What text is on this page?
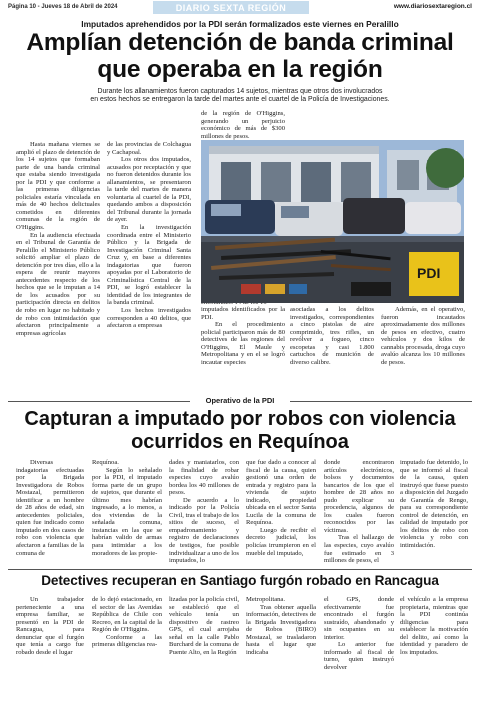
Página 10 - Jueves 18 de Abril de 2024	DIARIO SEXTA REGIÓN	www.diariosextaregion.cl
Imputados aprehendidos por la PDI serán formalizados este viernes en Peralillo
Amplían detención de banda criminal
que operaba en la región
Durante los allanamientos fueron capturados 14 sujetos, mientras que otros dos involucrados
en estos hechos se entregaron la tarde del martes ante el cuartel de la Policía de Investigaciones.

Hasta mañana viernes se amplió el plazo de detención de los 14 sujetos que formaban parte de una banda criminal que estaba siendo investigada por la PDI y que conforme a las primeras diligencias policiales estaría vinculada en más de 40 hechos delictuales cometidos en diferentes comunas de la región de O'Higgins.

En la audiencia efectuada en el Tribunal de Garantía de Peralillo el Ministerio Público solicitó ampliar el plazo de detención por tres días, ello a la espera de reunir mayores antecedentes respecto de los hechos que se le imputan a 14 de los acusados por su participación directa en delitos de robo en lugar no habitado y de robo con intimidación que afectaron principalmente a empresas agrícolas

de las provincias de Colchagua y Cachapoal.

Los otros dos imputados, acusados por receptación y que no fueron detenidos durante los allanamientos, se presentaron la tarde del martes de manera voluntaria al cuartel de la PDI, quedando ambos a disposición del Tribunal durante la jornada de ayer.

En la investigación coordinada entre el Ministerio Público y la Brigada de Investigación Criminal Santa Cruz y, en base a diferentes indagatorias que fueron apoyadas por el Laboratorio de Criminalística Central de la PDI, se logró establecer la identidad de los integrantes de la banda criminal.

Los hechos investigados corresponden a 40 delitos, que afectaron a empresas

de la región de O'Higgins, generando un perjuicio económico de más de $300 millones de pesos.

imputados identificados por la PDI.

En el procedimiento policial participaron más de 80 detectives de las regiones del O'Higgins, El Maule y Metropolitana y en el se logró incautar especies

asociadas a los delitos investigados, correspondientes a cinco pistolas de aire comprimido, tres rifles, un revólver a fogueo, cinco escopetas y casi 1.800 cartuchos de munición de diverso calibre.

Además, en el operativo, fueron incautados aproximadamente dos millones de pesos en efectivo, cuatro vehículos y dos kilos de cannabis procesada, droga cuyo avalúo alcanza los 10 millones de pesos.

PDI
Operativo de la PDI
Capturan a imputado por robos con violencia
ocurridos en Requínoa

Diversas indagatorias efectuadas por la Brigada Investigadora de Robos Mostazal, permitieron identificar a un hombre de 28 años de edad, sin antecedentes policiales, quien fue indicado como imputado en dos casos de robo con violencia que afectaron a familias de la comuna de

Requínoa.

Según lo señalado por la PDI, el imputado forma parte de un grupo de sujetos, que durante el último mes habrían ingresado, a lo menos, a dos viviendas de la señalada comuna, instancias en las que se habrían valido de armas para intimidar a los moradores de las propie-

dades y maniatarlos, con la finalidad de robar especies cuyo avalúo bordea los 40 millones de pesos.

De acuerdo a lo indicado por la Policía Civil, tras el trabajo de los sitios de suceso, el empadronamiento y registro de declaraciones de testigos, fue posible individualizar a uno de los imputados, lo

que fue dado a conocer al fiscal de la causa, quien gestionó una orden de entrada y registro para la vivienda de sujeto indicado, propiedad ubicada en el sector Santa Lucila de la comuna de Requínoa.

Luego de recibir el decreto judicial, los policías irrumpieron en el mueble del imputado,

donde encontraron artículos electrónicos, bolsos y documentos bancarios de los que el hombre de 28 años no pudo explicar su procedencia, algunos de los cuales fueron reconocidos por las víctimas.

Tras el hallazgo de las especies, cuyo avalúo fue estimado en 3 millones de pesos, el

imputado fue detenido, lo que se informó al fiscal de la causa, quien instruyó que fuese puesto a disposición del Juzgado de Garantía de Rengo, para su correspondiente control de detención, en calidad de imputado por los delitos de robo con violencia y robo con intimidación.

Detectives recuperan en Santiago furgón robado en Rancagua

Un trabajador perteneciente a una empresa familiar, se presentó en la PDI de Rancagua, para denunciar que el furgón que tenía a cargo fue robado desde el lugar

de lo dejó estacionado, en el sector de las Avenidas República de Chile con Recreo, en la capital de la Región de O'Higgins.

Conforme a las primeras diligencias rea-

lizadas por la policía civil, se estableció que el vehículo tenía un dispositivo de rastreo GPS, el cual arrojaba señal en la calle Pablo Burchard de la comuna de Puente Alto, en la Región

Metropolitana.

Tras obtener aquella información, detectives de la Brigada Investigadora de Robos (BIRO) Mostazal, se trasladaron hasta el lugar que indicaba

el GPS, donde efectivamente fue encontrado el furgón sustraído, abandonado y sin ocupantes en su interior.

Lo anterior fue informado al fiscal de turno, quien instruyó devolver

el vehículo a la empresa propietaria, mientras que la PDI continúa diligencias para establecer la motivación del delito, así como la identidad y paradero de los imputados.
